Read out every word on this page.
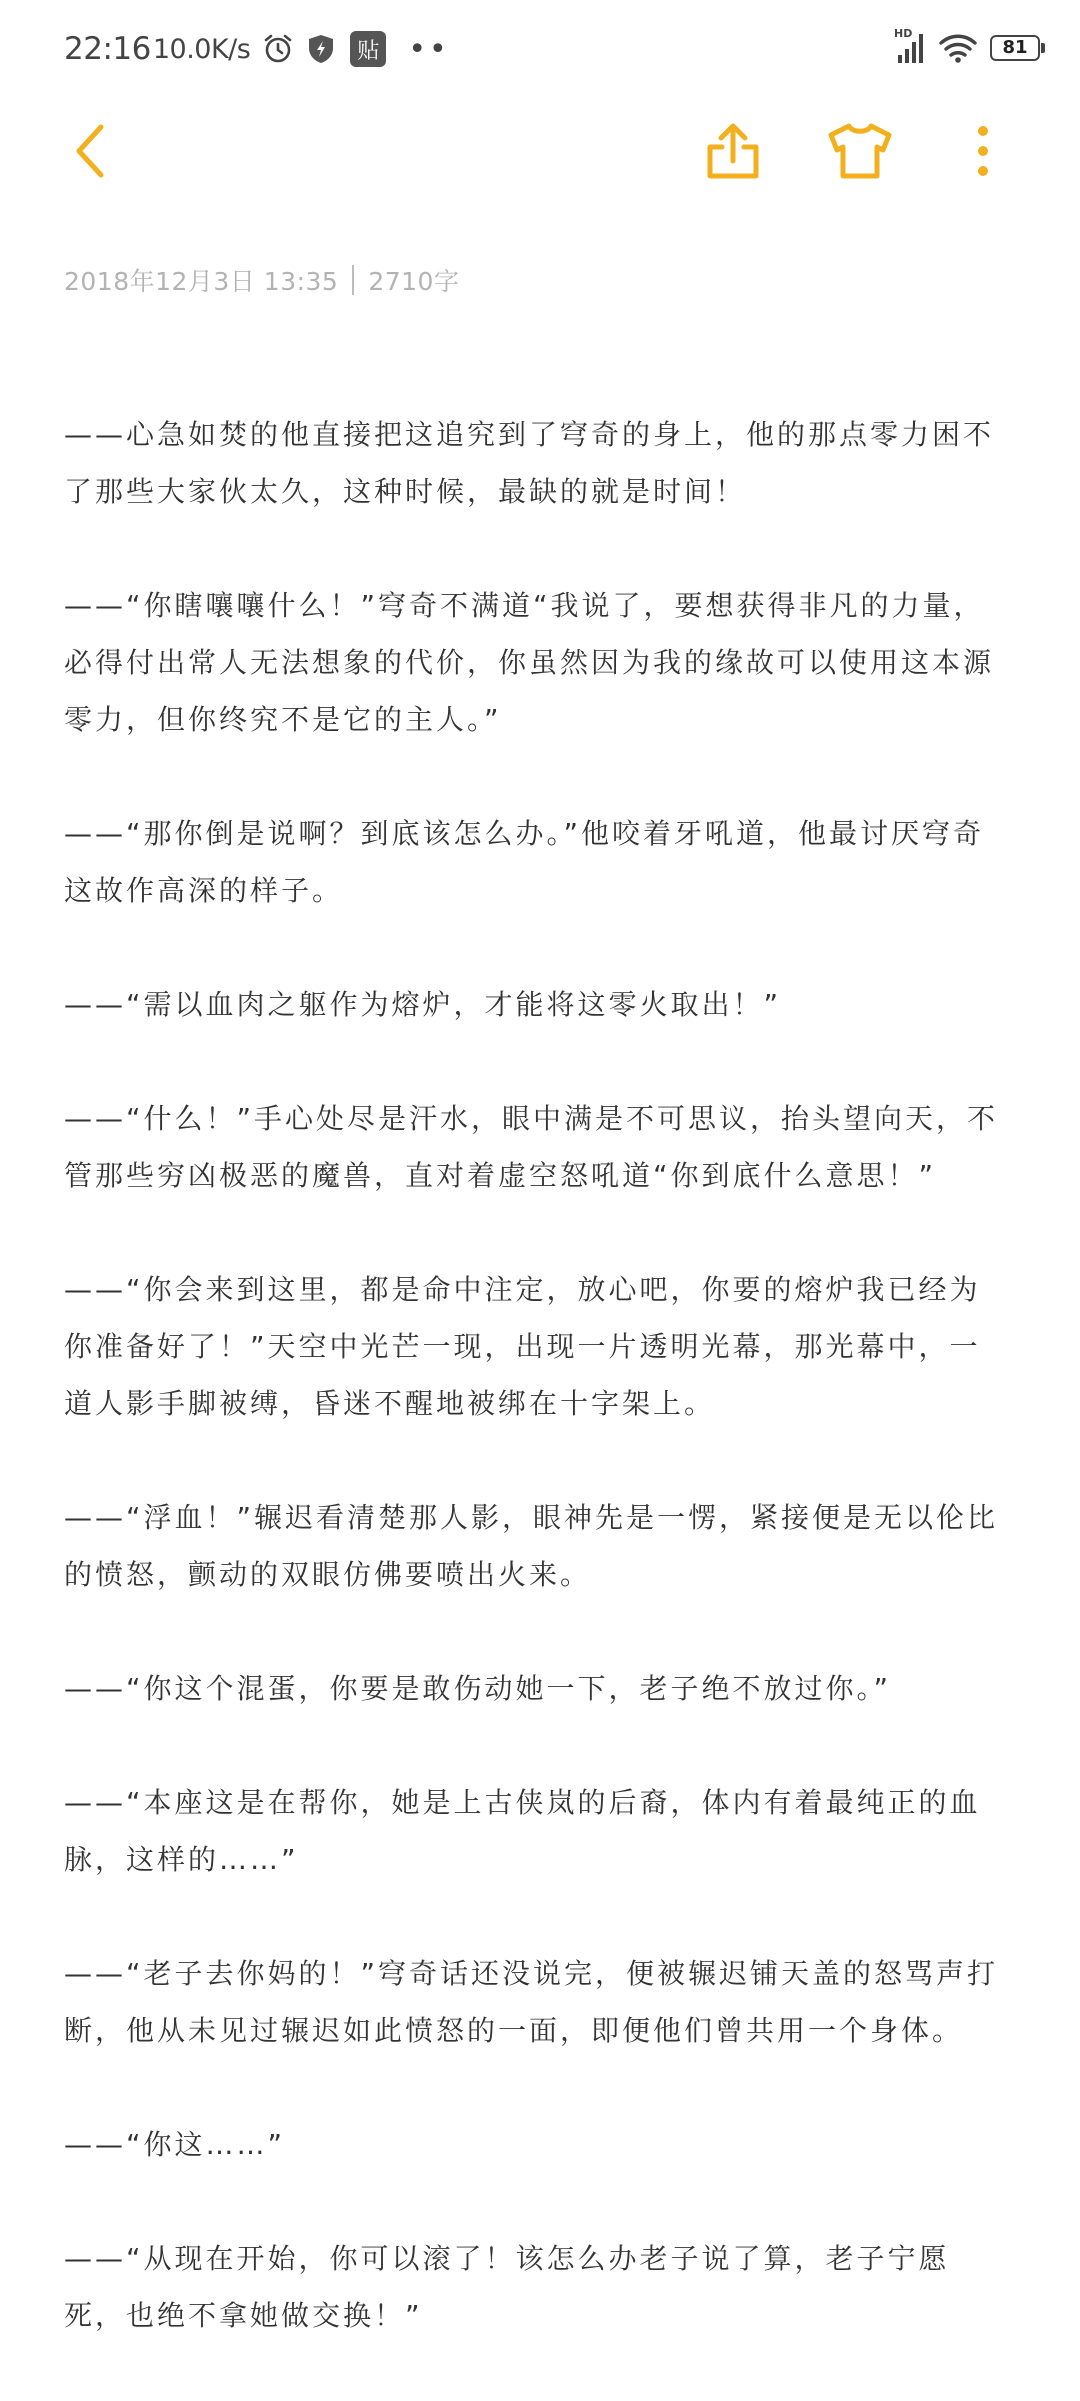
22:16 10.0K/s	贴 ••	HD
81
2018年12月3日 13:35 2710字

——心急如焚的他直接把这追究到了穹奇的身上，他的那点零力困不了那些大家伙太久，这种时候，最缺的就是时间！

——“你瞎嚷嚷什么！”穹奇不满道“我说了，要想获得非凡的力量，必得付出常人无法想象的代价，你虽然因为我的缘故可以使用这本源零力，但你终究不是它的主人。”

——“那你倒是说啊？到底该怎么办。”他咬着牙吼道，他最讨厌穹奇这故作高深的样子。

——“需以血肉之躯作为熔炉，才能将这零火取出！”

——“什么！”手心处尽是汗水，眼中满是不可思议，抬头望向天，不管那些穷凶极恶的魔兽，直对着虚空怒吼道“你到底什么意思！”

——“你会来到这里，都是命中注定，放心吧，你要的熔炉我已经为你准备好了！”天空中光芒一现，出现一片透明光幕，那光幕中，一道人影手脚被缚，昏迷不醒地被绑在十字架上。

——“浮血！”辗迟看清楚那人影，眼神先是一愣，紧接便是无以伦比的愤怒，颤动的双眼仿佛要喷出火来。

——“你这个混蛋，你要是敢伤动她一下，老子绝不放过你。”

——“本座这是在帮你，她是上古侠岚的后裔，体内有着最纯正的血脉，这样的……”

——“老子去你妈的！”穹奇话还没说完，便被辗迟铺天盖的怒骂声打断，他从未见过辗迟如此愤怒的一面，即便他们曾共用一个身体。

——“你这……”

——“从现在开始，你可以滚了！该怎么办老子说了算，老子宁愿死，也绝不拿她做交换！”
